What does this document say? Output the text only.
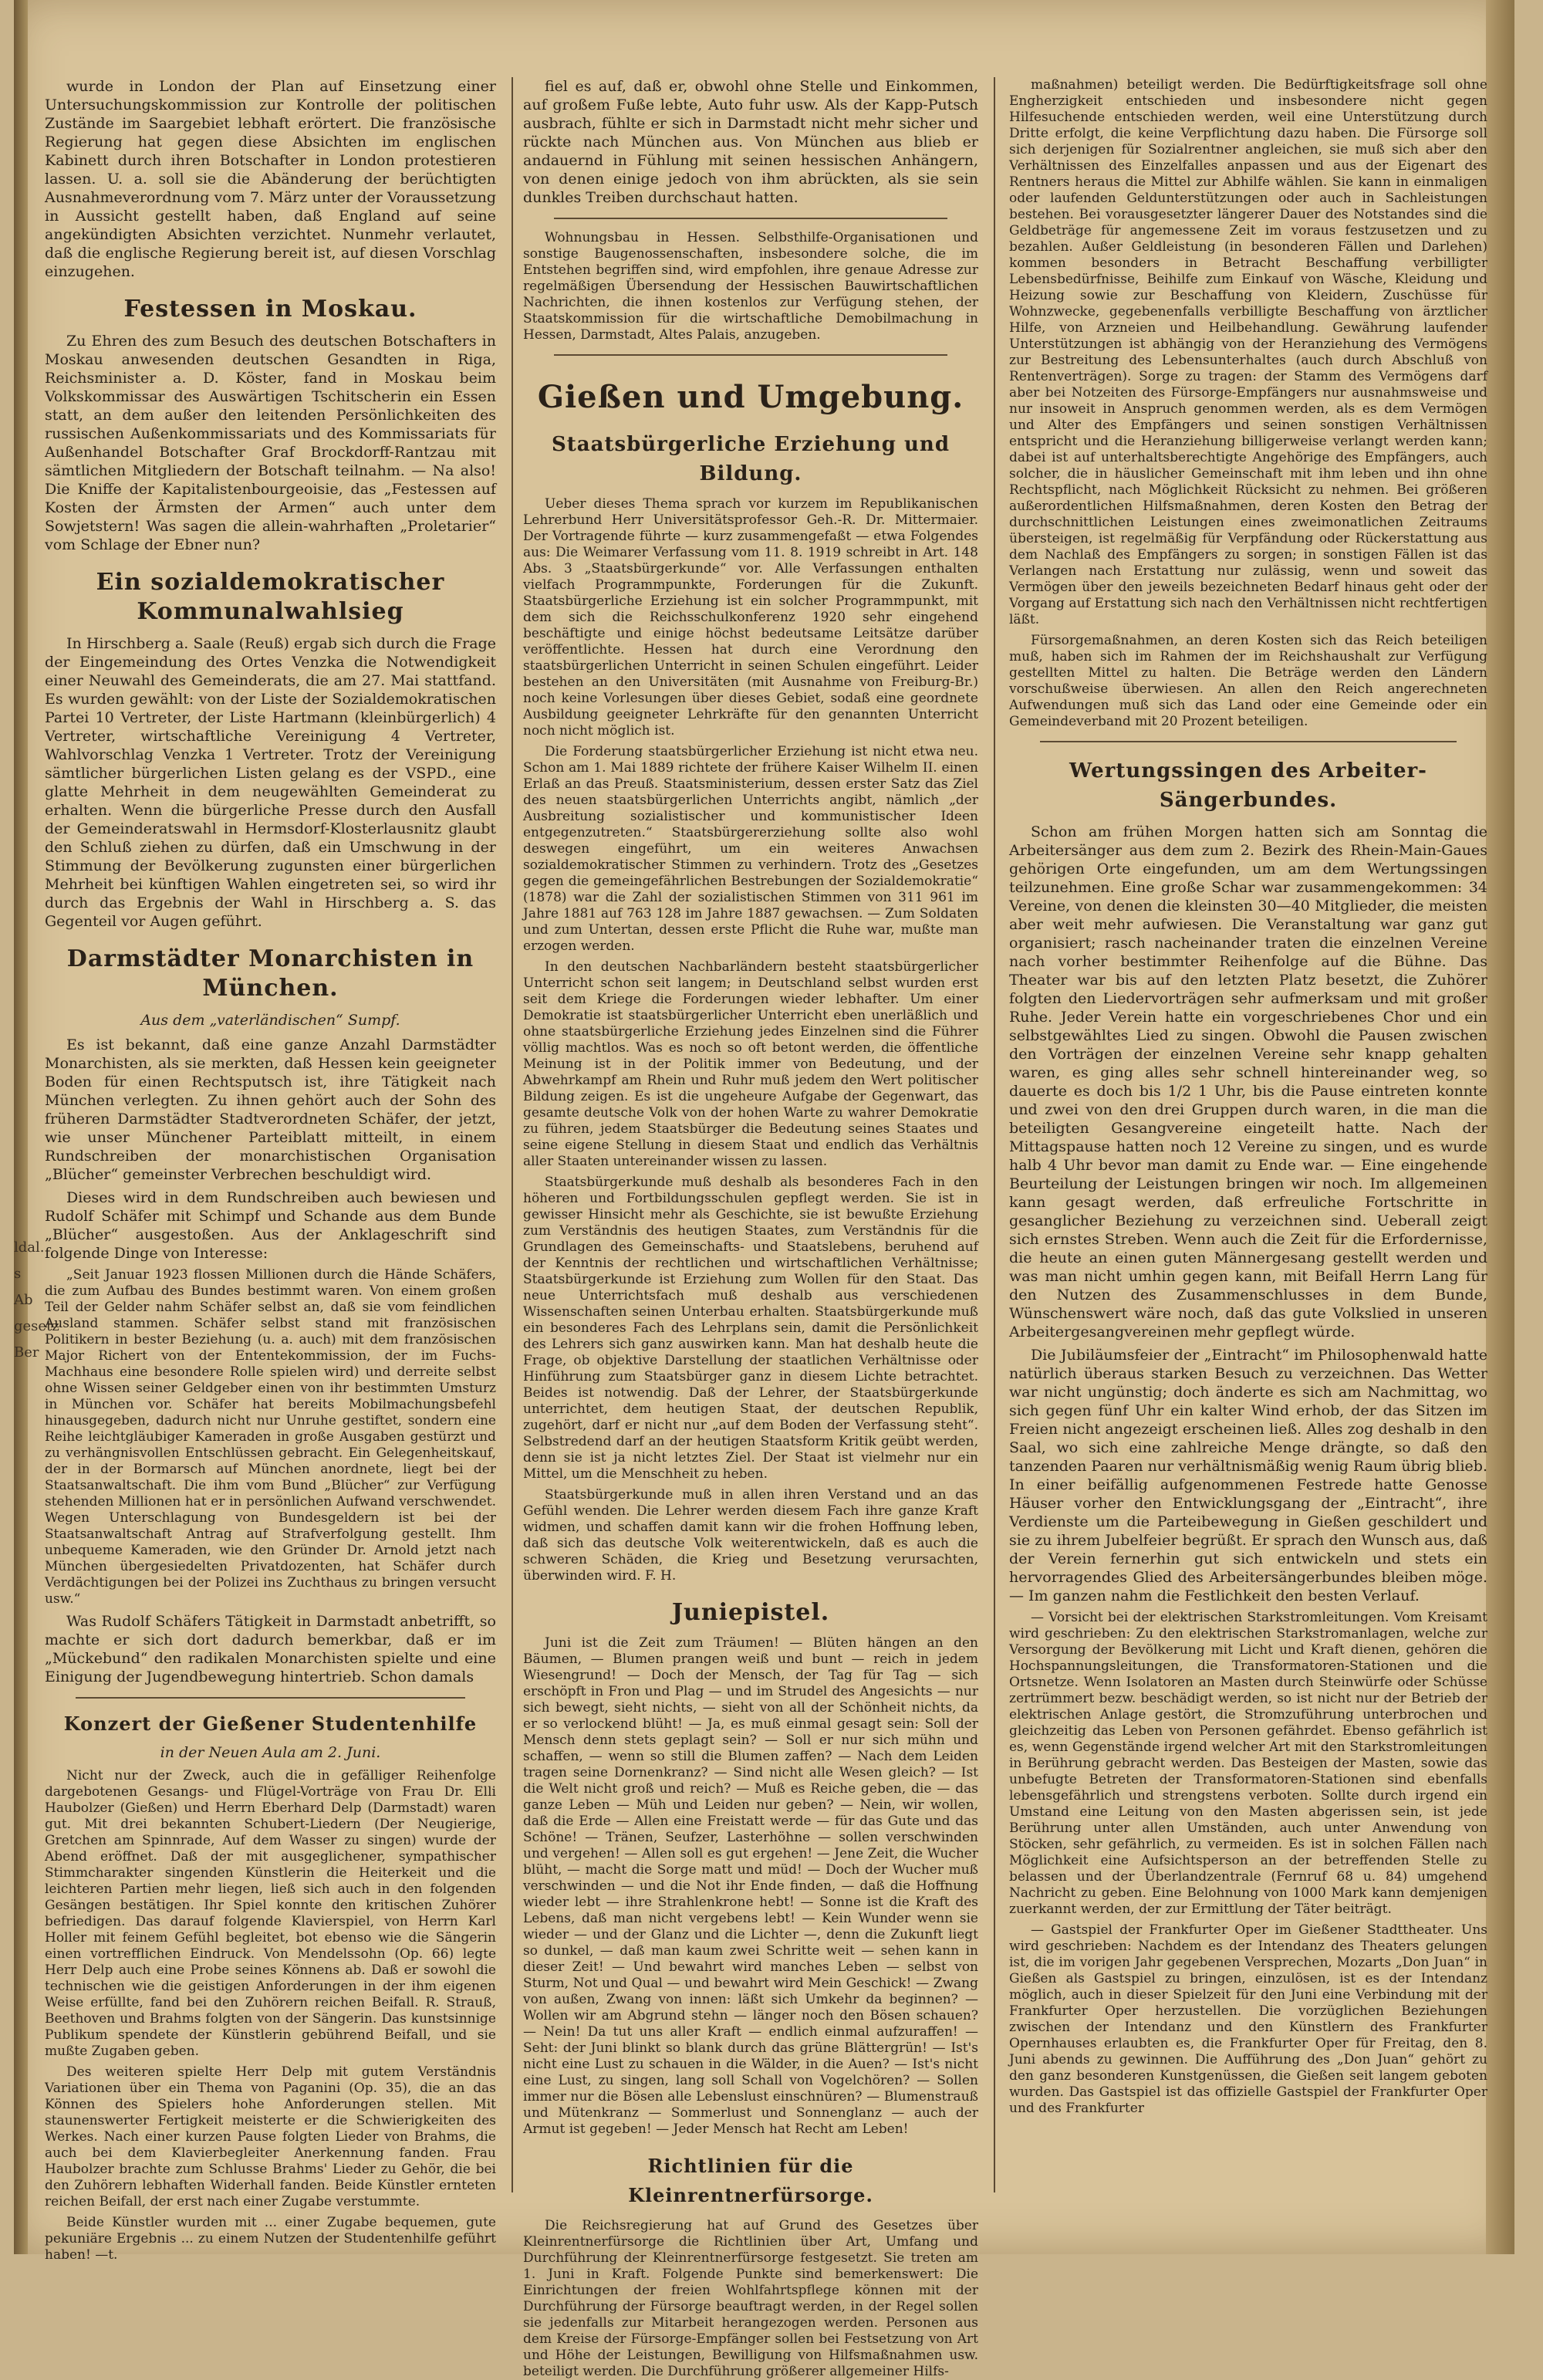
ldal.
s
Ab
gesetz
Ber

wurde in London der Plan auf Einsetzung einer Untersuchungskommission zur Kontrolle der politischen Zustände im Saargebiet lebhaft erörtert. Die französische Regierung hat gegen diese Absichten im englischen Kabinett durch ihren Botschafter in London protestieren lassen. U. a. soll sie die Abänderung der berüchtigten Ausnahmeverordnung vom 7. März unter der Voraussetzung in Aussicht gestellt haben, daß England auf seine angekündigten Absichten verzichtet. Nunmehr verlautet, daß die englische Regierung bereit ist, auf diesen Vorschlag einzugehen.

Festessen in Moskau.

Zu Ehren des zum Besuch des deutschen Botschafters in Moskau anwesenden deutschen Gesandten in Riga, Reichsminister a. D. Köster, fand in Moskau beim Volkskommissar des Auswärtigen Tschitscherin ein Essen statt, an dem außer den leitenden Persönlichkeiten des russischen Außenkommissariats und des Kommissariats für Außenhandel Botschafter Graf Brockdorff-Rantzau mit sämtlichen Mitgliedern der Botschaft teilnahm. — Na also! Die Kniffe der Kapitalistenbourgeoisie, das „Festessen auf Kosten der Ärmsten der Armen“ auch unter dem Sowjetstern! Was sagen die allein-wahrhaften „Proletarier“ vom Schlage der Ebner nun?

Ein sozialdemokratischer Kommunalwahlsieg

In Hirschberg a. Saale (Reuß) ergab sich durch die Frage der Eingemeindung des Ortes Venzka die Notwendigkeit einer Neuwahl des Gemeinderats, die am 27. Mai stattfand. Es wurden gewählt: von der Liste der Sozialdemokratischen Partei 10 Vertreter, der Liste Hartmann (kleinbürgerlich) 4 Vertreter, wirtschaftliche Vereinigung 4 Vertreter, Wahlvorschlag Venzka 1 Vertreter. Trotz der Vereinigung sämtlicher bürgerlichen Listen gelang es der VSPD., eine glatte Mehrheit in dem neugewählten Gemeinderat zu erhalten. Wenn die bürgerliche Presse durch den Ausfall der Gemeinderatswahl in Hermsdorf-Klosterlausnitz glaubt den Schluß ziehen zu dürfen, daß ein Umschwung in der Stimmung der Bevölkerung zugunsten einer bürgerlichen Mehrheit bei künftigen Wahlen eingetreten sei, so wird ihr durch das Ergebnis der Wahl in Hirschberg a. S. das Gegenteil vor Augen geführt.

Darmstädter Monarchisten in München.
Aus dem „vaterländischen“ Sumpf.

Es ist bekannt, daß eine ganze Anzahl Darmstädter Monarchisten, als sie merkten, daß Hessen kein geeigneter Boden für einen Rechtsputsch ist, ihre Tätigkeit nach München verlegten. Zu ihnen gehört auch der Sohn des früheren Darmstädter Stadtverordneten Schäfer, der jetzt, wie unser Münchener Parteiblatt mitteilt, in einem Rundschreiben der monarchistischen Organisation „Blücher“ gemeinster Verbrechen beschuldigt wird.

Dieses wird in dem Rundschreiben auch bewiesen und Rudolf Schäfer mit Schimpf und Schande aus dem Bunde „Blücher“ ausgestoßen. Aus der Anklageschrift sind folgende Dinge von Interesse:

„Seit Januar 1923 flossen Millionen durch die Hände Schäfers, die zum Aufbau des Bundes bestimmt waren. Von einem großen Teil der Gelder nahm Schäfer selbst an, daß sie vom feindlichen Ausland stammen. Schäfer selbst stand mit französischen Politikern in bester Beziehung (u. a. auch) mit dem französischen Major Richert von der Ententekommission, der im Fuchs-Machhaus eine besondere Rolle spielen wird) und derreite selbst ohne Wissen seiner Geldgeber einen von ihr bestimmten Umsturz in München vor. Schäfer hat bereits Mobilmachungsbefehl hinausgegeben, dadurch nicht nur Unruhe gestiftet, sondern eine Reihe leichtgläubiger Kameraden in große Ausgaben gestürzt und zu verhängnisvollen Entschlüssen gebracht. Ein Gelegenheitskauf, der in der Bormarsch auf München anordnete, liegt bei der Staatsanwaltschaft. Die ihm vom Bund „Blücher“ zur Verfügung stehenden Millionen hat er in persönlichen Aufwand verschwendet. Wegen Unterschlagung von Bundesgeldern ist bei der Staatsanwaltschaft Antrag auf Strafverfolgung gestellt. Ihm unbequeme Kameraden, wie den Gründer Dr. Arnold jetzt nach München übergesiedelten Privatdozenten, hat Schäfer durch Verdächtigungen bei der Polizei ins Zuchthaus zu bringen versucht usw.“

Was Rudolf Schäfers Tätigkeit in Darmstadt anbetrifft, so machte er sich dort dadurch bemerkbar, daß er im „Mückebund“ den radikalen Monarchisten spielte und eine Einigung der Jugendbewegung hintertrieb. Schon damals

Konzert der Gießener Studentenhilfe
in der Neuen Aula am 2. Juni.

Nicht nur der Zweck, auch die in gefälliger Reihenfolge dargebotenen Gesangs- und Flügel-Vorträge von Frau Dr. Elli Haubolzer (Gießen) und Herrn Eberhard Delp (Darmstadt) waren gut. Mit drei bekannten Schubert-Liedern (Der Neugierige, Gretchen am Spinnrade, Auf dem Wasser zu singen) wurde der Abend eröffnet. Daß der mit ausgeglichener, sympathischer Stimmcharakter singenden Künstlerin die Heiterkeit und die leichteren Partien mehr liegen, ließ sich auch in den folgenden Gesängen bestätigen. Ihr Spiel konnte den kritischen Zuhörer befriedigen. Das darauf folgende Klavierspiel, von Herrn Karl Holler mit feinem Gefühl begleitet, bot ebenso wie die Sängerin einen vortrefflichen Eindruck. Von Mendelssohn (Op. 66) legte Herr Delp auch eine Probe seines Könnens ab. Daß er sowohl die technischen wie die geistigen Anforderungen in der ihm eigenen Weise erfüllte, fand bei den Zuhörern reichen Beifall. R. Strauß, Beethoven und Brahms folgten von der Sängerin. Das kunstsinnige Publikum spendete der Künstlerin gebührend Beifall, und sie mußte Zugaben geben.

Des weiteren spielte Herr Delp mit gutem Verständnis Variationen über ein Thema von Paganini (Op. 35), die an das Können des Spielers hohe Anforderungen stellen. Mit staunenswerter Fertigkeit meisterte er die Schwierigkeiten des Werkes. Nach einer kurzen Pause folgten Lieder von Brahms, die auch bei dem Klavierbegleiter Anerkennung fanden. Frau Haubolzer brachte zum Schlusse Brahms' Lieder zu Gehör, die bei den Zuhörern lebhaften Widerhall fanden. Beide Künstler ernteten reichen Beifall, der erst nach einer Zugabe verstummte.

Beide Künstler wurden mit ... einer Zugabe bequemen, gute pekuniäre Ergebnis ... zu einem Nutzen der Studentenhilfe geführt haben! —t.

fiel es auf, daß er, obwohl ohne Stelle und Einkommen, auf großem Fuße lebte, Auto fuhr usw. Als der Kapp-Putsch ausbrach, fühlte er sich in Darmstadt nicht mehr sicher und rückte nach München aus. Von München aus blieb er andauernd in Fühlung mit seinen hessischen Anhängern, von denen einige jedoch von ihm abrückten, als sie sein dunkles Treiben durchschaut hatten.

Wohnungsbau in Hessen. Selbsthilfe-Organisationen und sonstige Baugenossenschaften, insbesondere solche, die im Entstehen begriffen sind, wird empfohlen, ihre genaue Adresse zur regelmäßigen Übersendung der Hessischen Bauwirtschaftlichen Nachrichten, die ihnen kostenlos zur Verfügung stehen, der Staatskommission für die wirtschaftliche Demobilmachung in Hessen, Darmstadt, Altes Palais, anzugeben.

Gießen und Umgebung.
Staatsbürgerliche Erziehung und Bildung.

Ueber dieses Thema sprach vor kurzem im Republikanischen Lehrerbund Herr Universitätsprofessor Geh.-R. Dr. Mittermaier. Der Vortragende führte — kurz zusammengefaßt — etwa Folgendes aus: Die Weimarer Verfassung vom 11. 8. 1919 schreibt in Art. 148 Abs. 3 „Staatsbürgerkunde“ vor. Alle Verfassungen enthalten vielfach Programmpunkte, Forderungen für die Zukunft. Staatsbürgerliche Erziehung ist ein solcher Programmpunkt, mit dem sich die Reichsschulkonferenz 1920 sehr eingehend beschäftigte und einige höchst bedeutsame Leitsätze darüber veröffentlichte. Hessen hat durch eine Verordnung den staatsbürgerlichen Unterricht in seinen Schulen eingeführt. Leider bestehen an den Universitäten (mit Ausnahme von Freiburg-Br.) noch keine Vorlesungen über dieses Gebiet, sodaß eine geordnete Ausbildung geeigneter Lehrkräfte für den genannten Unterricht noch nicht möglich ist.

Die Forderung staatsbürgerlicher Erziehung ist nicht etwa neu. Schon am 1. Mai 1889 richtete der frühere Kaiser Wilhelm II. einen Erlaß an das Preuß. Staatsministerium, dessen erster Satz das Ziel des neuen staatsbürgerlichen Unterrichts angibt, nämlich „der Ausbreitung sozialistischer und kommunistischer Ideen entgegenzutreten.“ Staatsbürgererziehung sollte also wohl deswegen eingeführt, um ein weiteres Anwachsen sozialdemokratischer Stimmen zu verhindern. Trotz des „Gesetzes gegen die gemeingefährlichen Bestrebungen der Sozialdemokratie“ (1878) war die Zahl der sozialistischen Stimmen von 311 961 im Jahre 1881 auf 763 128 im Jahre 1887 gewachsen. — Zum Soldaten und zum Untertan, dessen erste Pflicht die Ruhe war, mußte man erzogen werden.

In den deutschen Nachbarländern besteht staatsbürgerlicher Unterricht schon seit langem; in Deutschland selbst wurden erst seit dem Kriege die Forderungen wieder lebhafter. Um einer Demokratie ist staatsbürgerlicher Unterricht eben unerläßlich und ohne staatsbürgerliche Erziehung jedes Einzelnen sind die Führer völlig machtlos. Was es noch so oft betont werden, die öffentliche Meinung ist in der Politik immer von Bedeutung, und der Abwehrkampf am Rhein und Ruhr muß jedem den Wert politischer Bildung zeigen. Es ist die ungeheure Aufgabe der Gegenwart, das gesamte deutsche Volk von der hohen Warte zu wahrer Demokratie zu führen, jedem Staatsbürger die Bedeutung seines Staates und seine eigene Stellung in diesem Staat und endlich das Verhältnis aller Staaten untereinander wissen zu lassen.

Staatsbürgerkunde muß deshalb als besonderes Fach in den höheren und Fortbildungsschulen gepflegt werden. Sie ist in gewisser Hinsicht mehr als Geschichte, sie ist bewußte Erziehung zum Verständnis des heutigen Staates, zum Verständnis für die Grundlagen des Gemeinschafts- und Staatslebens, beruhend auf der Kenntnis der rechtlichen und wirtschaftlichen Verhältnisse; Staatsbürgerkunde ist Erziehung zum Wollen für den Staat. Das neue Unterrichtsfach muß deshalb aus verschiedenen Wissenschaften seinen Unterbau erhalten. Staatsbürgerkunde muß ein besonderes Fach des Lehrplans sein, damit die Persönlichkeit des Lehrers sich ganz auswirken kann. Man hat deshalb heute die Frage, ob objektive Darstellung der staatlichen Verhältnisse oder Hinführung zum Staatsbürger ganz in diesem Lichte betrachtet. Beides ist notwendig. Daß der Lehrer, der Staatsbürgerkunde unterrichtet, dem heutigen Staat, der deutschen Republik, zugehört, darf er nicht nur „auf dem Boden der Verfassung steht“. Selbstredend darf an der heutigen Staatsform Kritik geübt werden, denn sie ist ja nicht letztes Ziel. Der Staat ist vielmehr nur ein Mittel, um die Menschheit zu heben.

Staatsbürgerkunde muß in allen ihren Verstand und an das Gefühl wenden. Die Lehrer werden diesem Fach ihre ganze Kraft widmen, und schaffen damit kann wir die frohen Hoffnung leben, daß sich das deutsche Volk weiterentwickeln, daß es auch die schweren Schäden, die Krieg und Besetzung verursachten, überwinden wird. F. H.

Juniepistel.

Juni ist die Zeit zum Träumen! — Blüten hängen an den Bäumen, — Blumen prangen weiß und bunt — reich in jedem Wiesengrund! — Doch der Mensch, der Tag für Tag — sich erschöpft in Fron und Plag — und im Strudel des Angesichts — nur sich bewegt, sieht nichts, — sieht von all der Schönheit nichts, da er so verlockend blüht! — Ja, es muß einmal gesagt sein: Soll der Mensch denn stets geplagt sein? — Soll er nur sich mühn und schaffen, — wenn so still die Blumen zaffen? — Nach dem Leiden tragen seine Dornenkranz? — Sind nicht alle Wesen gleich? — Ist die Welt nicht groß und reich? — Muß es Reiche geben, die — das ganze Leben — Müh und Leiden nur geben? — Nein, wir wollen, daß die Erde — Allen eine Freistatt werde — für das Gute und das Schöne! — Tränen, Seufzer, Lasterhöhne — sollen verschwinden und vergehen! — Allen soll es gut ergehen! — Jene Zeit, die Wucher blüht, — macht die Sorge matt und müd! — Doch der Wucher muß verschwinden — und die Not ihr Ende finden, — daß die Hoffnung wieder lebt — ihre Strahlenkrone hebt! — Sonne ist die Kraft des Lebens, daß man nicht vergebens lebt! — Kein Wunder wenn sie wieder — und der Glanz und die Lichter —, denn die Zukunft liegt so dunkel, — daß man kaum zwei Schritte weit — sehen kann in dieser Zeit! — Und bewahrt wird manches Leben — selbst von Sturm, Not und Qual — und bewahrt wird Mein Geschick! — Zwang von außen, Zwang von innen: läßt sich Umkehr da beginnen? — Wollen wir am Abgrund stehn — länger noch den Bösen schauen? — Nein! Da tut uns aller Kraft — endlich einmal aufzuraffen! — Seht: der Juni blinkt so blank durch das grüne Blättergrün! — Ist's nicht eine Lust zu schauen in die Wälder, in die Auen? — Ist's nicht eine Lust, zu singen, lang soll Schall von Vogelchören? — Sollen immer nur die Bösen alle Lebenslust einschnüren? — Blumenstrauß und Mütenkranz — Sommerlust und Sonnenglanz — auch der Armut ist gegeben! — Jeder Mensch hat Recht am Leben!

Richtlinien für die Kleinrentnerfürsorge.

Die Reichsregierung hat auf Grund des Gesetzes über Kleinrentnerfürsorge die Richtlinien über Art, Umfang und Durchführung der Kleinrentnerfürsorge festgesetzt. Sie treten am 1. Juni in Kraft. Folgende Punkte sind bemerkenswert: Die Einrichtungen der freien Wohlfahrtspflege können mit der Durchführung der Fürsorge beauftragt werden, in der Regel sollen sie jedenfalls zur Mitarbeit herangezogen werden. Personen aus dem Kreise der Fürsorge-Empfänger sollen bei Festsetzung von Art und Höhe der Leistungen, Bewilligung von Hilfsmaßnahmen usw. beteiligt werden. Die Durchführung größerer allgemeiner Hilfs-

maßnahmen) beteiligt werden. Die Bedürftigkeitsfrage soll ohne Engherzigkeit entschieden und insbesondere nicht gegen Hilfesuchende entschieden werden, weil eine Unterstützung durch Dritte erfolgt, die keine Verpflichtung dazu haben. Die Fürsorge soll sich derjenigen für Sozialrentner angleichen, sie muß sich aber den Verhältnissen des Einzelfalles anpassen und aus der Eigenart des Rentners heraus die Mittel zur Abhilfe wählen. Sie kann in einmaligen oder laufenden Geldunterstützungen oder auch in Sachleistungen bestehen. Bei vorausgesetzter längerer Dauer des Notstandes sind die Geldbeträge für angemessene Zeit im voraus festzusetzen und zu bezahlen. Außer Geldleistung (in besonderen Fällen und Darlehen) kommen besonders in Betracht Beschaffung verbilligter Lebensbedürfnisse, Beihilfe zum Einkauf von Wäsche, Kleidung und Heizung sowie zur Beschaffung von Kleidern, Zuschüsse für Wohnzwecke, gegebenenfalls verbilligte Beschaffung von ärztlicher Hilfe, von Arzneien und Heilbehandlung. Gewährung laufender Unterstützungen ist abhängig von der Heranziehung des Vermögens zur Bestreitung des Lebensunterhaltes (auch durch Abschluß von Rentenverträgen). Sorge zu tragen: der Stamm des Vermögens darf aber bei Notzeiten des Fürsorge-Empfängers nur ausnahmsweise und nur insoweit in Anspruch genommen werden, als es dem Vermögen und Alter des Empfängers und seinen sonstigen Verhältnissen entspricht und die Heranziehung billigerweise verlangt werden kann; dabei ist auf unterhaltsberechtigte Angehörige des Empfängers, auch solcher, die in häuslicher Gemeinschaft mit ihm leben und ihn ohne Rechtspflicht, nach Möglichkeit Rücksicht zu nehmen. Bei größeren außerordentlichen Hilfsmaßnahmen, deren Kosten den Betrag der durchschnittlichen Leistungen eines zweimonatlichen Zeitraums übersteigen, ist regelmäßig für Verpfändung oder Rückerstattung aus dem Nachlaß des Empfängers zu sorgen; in sonstigen Fällen ist das Verlangen nach Erstattung nur zulässig, wenn und soweit das Vermögen über den jeweils bezeichneten Bedarf hinaus geht oder der Vorgang auf Erstattung sich nach den Verhältnissen nicht rechtfertigen läßt.

Fürsorgemaßnahmen, an deren Kosten sich das Reich beteiligen muß, haben sich im Rahmen der im Reichshaushalt zur Verfügung gestellten Mittel zu halten. Die Beträge werden den Ländern vorschußweise überwiesen. An allen den Reich angerechneten Aufwendungen muß sich das Land oder eine Gemeinde oder ein Gemeindeverband mit 20 Prozent beteiligen.

Wertungssingen des Arbeiter-Sängerbundes.

Schon am frühen Morgen hatten sich am Sonntag die Arbeitersänger aus dem zum 2. Bezirk des Rhein-Main-Gaues gehörigen Orte eingefunden, um am dem Wertungssingen teilzunehmen. Eine große Schar war zusammengekommen: 34 Vereine, von denen die kleinsten 30—40 Mitglieder, die meisten aber weit mehr aufwiesen. Die Veranstaltung war ganz gut organisiert; rasch nacheinander traten die einzelnen Vereine nach vorher bestimmter Reihenfolge auf die Bühne. Das Theater war bis auf den letzten Platz besetzt, die Zuhörer folgten den Liedervorträgen sehr aufmerksam und mit großer Ruhe. Jeder Verein hatte ein vorgeschriebenes Chor und ein selbstgewähltes Lied zu singen. Obwohl die Pausen zwischen den Vorträgen der einzelnen Vereine sehr knapp gehalten waren, es ging alles sehr schnell hintereinander weg, so dauerte es doch bis 1/2 1 Uhr, bis die Pause eintreten konnte und zwei von den drei Gruppen durch waren, in die man die beteiligten Gesangvereine eingeteilt hatte. Nach der Mittagspause hatten noch 12 Vereine zu singen, und es wurde halb 4 Uhr bevor man damit zu Ende war. — Eine eingehende Beurteilung der Leistungen bringen wir noch. Im allgemeinen kann gesagt werden, daß erfreuliche Fortschritte in gesanglicher Beziehung zu verzeichnen sind. Ueberall zeigt sich ernstes Streben. Wenn auch die Zeit für die Erfordernisse, die heute an einen guten Männergesang gestellt werden und was man nicht umhin gegen kann, mit Beifall Herrn Lang für den Nutzen des Zusammenschlusses in dem Bunde, Wünschenswert wäre noch, daß das gute Volkslied in unseren Arbeitergesangvereinen mehr gepflegt würde.

Die Jubiläumsfeier der „Eintracht“ im Philosophenwald hatte natürlich überaus starken Besuch zu verzeichnen. Das Wetter war nicht ungünstig; doch änderte es sich am Nachmittag, wo sich gegen fünf Uhr ein kalter Wind erhob, der das Sitzen im Freien nicht angezeigt erscheinen ließ. Alles zog deshalb in den Saal, wo sich eine zahlreiche Menge drängte, so daß den tanzenden Paaren nur verhältnismäßig wenig Raum übrig blieb. In einer beifällig aufgenommenen Festrede hatte Genosse Häuser vorher den Entwicklungsgang der „Eintracht“, ihre Verdienste um die Parteibewegung in Gießen geschildert und sie zu ihrem Jubelfeier begrüßt. Er sprach den Wunsch aus, daß der Verein fernerhin gut sich entwickeln und stets ein hervorragendes Glied des Arbeitersängerbundes bleiben möge. — Im ganzen nahm die Festlichkeit den besten Verlauf.

— Vorsicht bei der elektrischen Starkstromleitungen. Vom Kreisamt wird geschrieben: Zu den elektrischen Starkstromanlagen, welche zur Versorgung der Bevölkerung mit Licht und Kraft dienen, gehören die Hochspannungsleitungen, die Transformatoren-Stationen und die Ortsnetze. Wenn Isolatoren an Masten durch Steinwürfe oder Schüsse zertrümmert bezw. beschädigt werden, so ist nicht nur der Betrieb der elektrischen Anlage gestört, die Stromzuführung unterbrochen und gleichzeitig das Leben von Personen gefährdet. Ebenso gefährlich ist es, wenn Gegenstände irgend welcher Art mit den Starkstromleitungen in Berührung gebracht werden. Das Besteigen der Masten, sowie das unbefugte Betreten der Transformatoren-Stationen sind ebenfalls lebensgefährlich und strengstens verboten. Sollte durch irgend ein Umstand eine Leitung von den Masten abgerissen sein, ist jede Berührung unter allen Umständen, auch unter Anwendung von Stöcken, sehr gefährlich, zu vermeiden. Es ist in solchen Fällen nach Möglichkeit eine Aufsichtsperson an der betreffenden Stelle zu belassen und der Überlandzentrale (Fernruf 68 u. 84) umgehend Nachricht zu geben. Eine Belohnung von 1000 Mark kann demjenigen zuerkannt werden, der zur Ermittlung der Täter beiträgt.

— Gastspiel der Frankfurter Oper im Gießener Stadttheater. Uns wird geschrieben: Nachdem es der Intendanz des Theaters gelungen ist, die im vorigen Jahr gegebenen Versprechen, Mozarts „Don Juan“ in Gießen als Gastspiel zu bringen, einzulösen, ist es der Intendanz möglich, auch in dieser Spielzeit für den Juni eine Verbindung mit der Frankfurter Oper herzustellen. Die vorzüglichen Beziehungen zwischen der Intendanz und den Künstlern des Frankfurter Opernhauses erlaubten es, die Frankfurter Oper für Freitag, den 8. Juni abends zu gewinnen. Die Aufführung des „Don Juan“ gehört zu den ganz besonderen Kunstgenüssen, die Gießen seit langem geboten wurden. Das Gastspiel ist das offizielle Gastspiel der Frankfurter Oper und des Frankfurter
